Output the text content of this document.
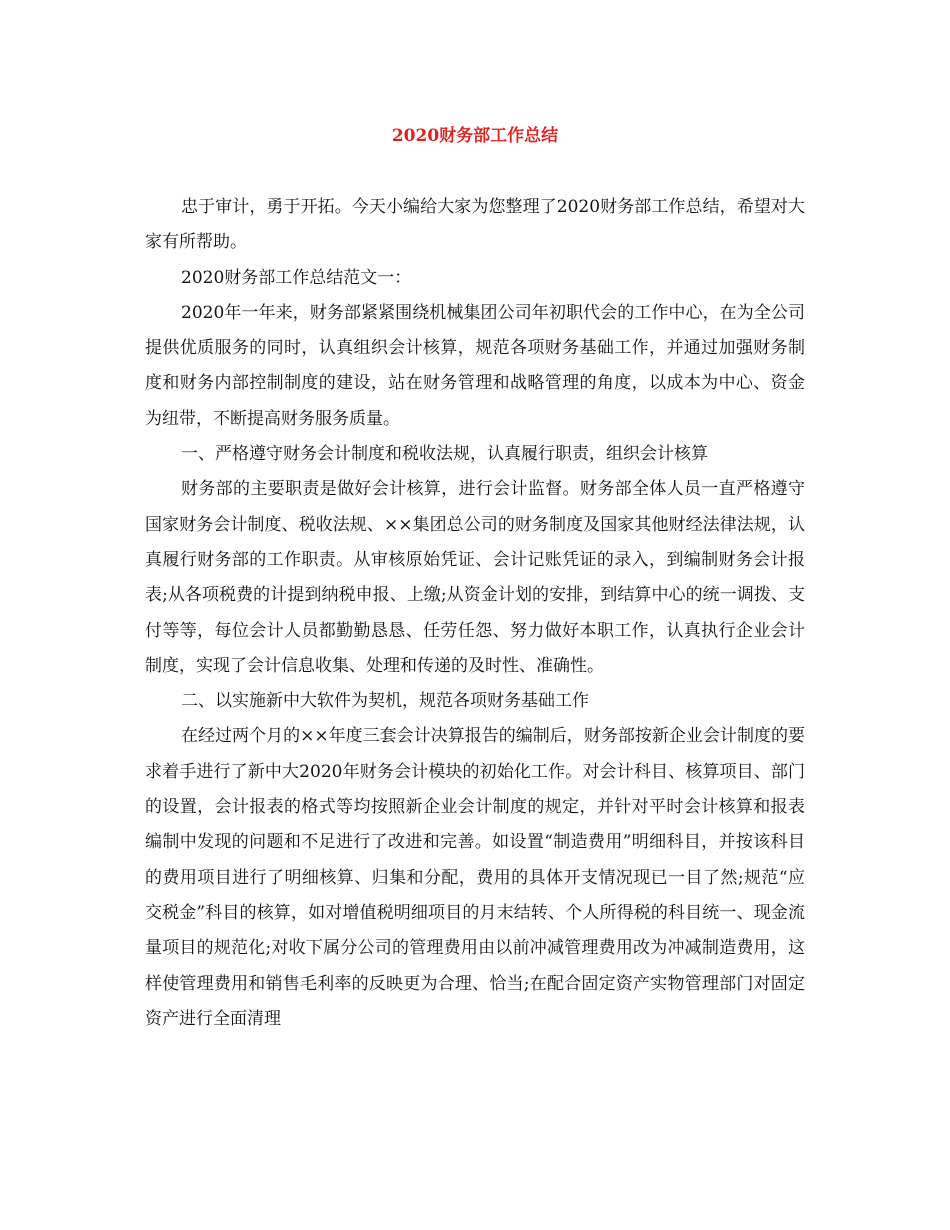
2020财务部工作总结

忠于审计，勇于开拓。今天小编给大家为您整理了2020财务部工作总结，希望对大家有所帮助。

2020财务部工作总结范文一：

2020年一年来，财务部紧紧围绕机械集团公司年初职代会的工作中心，在为全公司提供优质服务的同时，认真组织会计核算，规范各项财务基础工作，并通过加强财务制度和财务内部控制制度的建设，站在财务管理和战略管理的角度，以成本为中心、资金为纽带，不断提高财务服务质量。

一、严格遵守财务会计制度和税收法规，认真履行职责，组织会计核算

财务部的主要职责是做好会计核算，进行会计监督。财务部全体人员一直严格遵守国家财务会计制度、税收法规、××集团总公司的财务制度及国家其他财经法律法规，认真履行财务部的工作职责。从审核原始凭证、会计记账凭证的录入，到编制财务会计报表;从各项税费的计提到纳税申报、上缴;从资金计划的安排，到结算中心的统一调拨、支付等等，每位会计人员都勤勤恳恳、任劳任怨、努力做好本职工作，认真执行企业会计制度，实现了会计信息收集、处理和传递的及时性、准确性。

二、以实施新中大软件为契机，规范各项财务基础工作

在经过两个月的××年度三套会计决算报告的编制后，财务部按新企业会计制度的要求着手进行了新中大2020年财务会计模块的初始化工作。对会计科目、核算项目、部门的设置，会计报表的格式等均按照新企业会计制度的规定，并针对平时会计核算和报表编制中发现的问题和不足进行了改进和完善。如设置“制造费用”明细科目，并按该科目的费用项目进行了明细核算、归集和分配，费用的具体开支情况现已一目了然;规范“应交税金”科目的核算，如对增值税明细项目的月末结转、个人所得税的科目统一、现金流量项目的规范化;对收下属分公司的管理费用由以前冲减管理费用改为冲减制造费用，这样使管理费用和销售毛利率的反映更为合理、恰当;在配合固定资产实物管理部门对固定资产进行全面清理
